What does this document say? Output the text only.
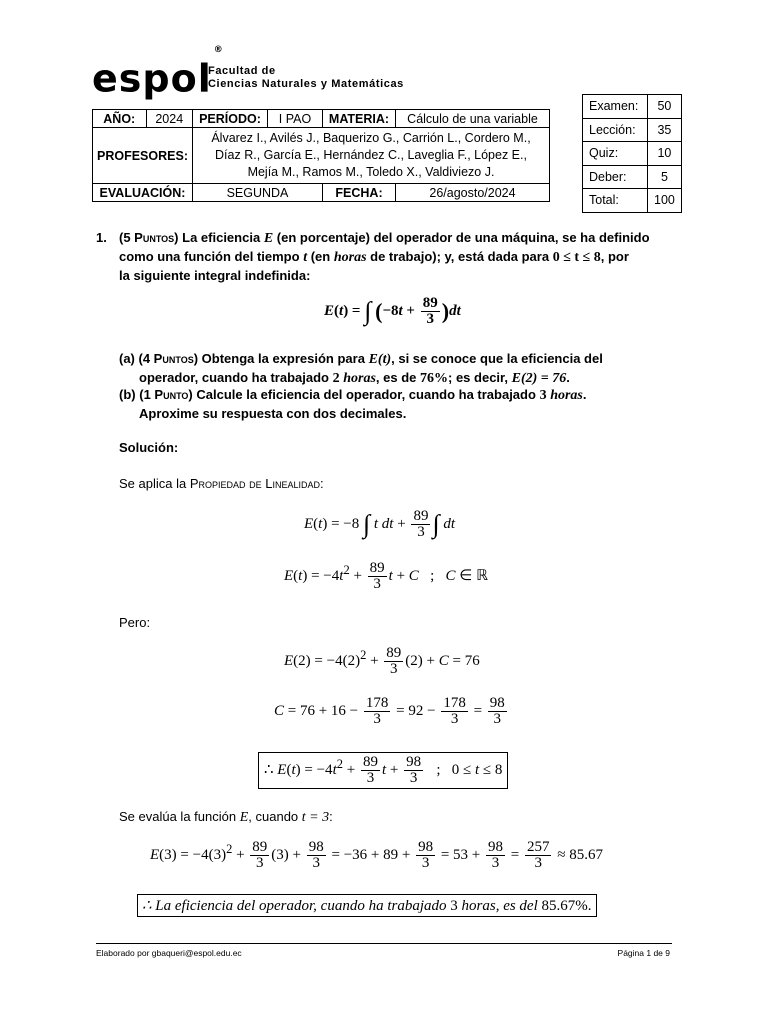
espol®
Facultad de
Ciencias Naturales y Matemáticas
AÑO:	2024	PERÍODO:	I PAO	MATERIA:	Cálculo de una variable
PROFESORES:		Álvarez I., Avilés J., Baquerizo G., Carrión L., Cordero M.,
Díaz R., García E., Hernández C., Laveglia F., López E.,
Mejía M., Ramos M., Toledo X., Valdiviezo J.			

EVALUACIÓN:		SEGUNDA		FECHA:	26/agosto/2024
Examen:	50
Lección:	35
Quiz:	10
Deber:	5
Total:	100
1. (5 Puntos) La eficiencia E (en porcentaje) del operador de una máquina, se ha definido
como una función del tiempo t (en horas de trabajo); y, está dada para 0 ≤ t ≤ 8, por
la siguiente integral indefinida:
E(t) = ∫ $(-8t + \frac{89}{3} )dt$
(a) (4 Puntos) Obtenga la expresión para E(t), si se conoce que la eficiencia del
operador, cuando ha trabajado 2 horas, es de 76%; es decir, E(2) = 76.
(b) (1 Punto) Calcule la eficiencia del operador, cuando ha trabajado 3 horas.
Aproxime su respuesta con dos decimales.
Solución:
Se aplica la Propiedad de Linealidad:
E(t) = −8 ∫ t dt + $\frac{89}{3}$ ∫ dt
$E(t) = -4t^2 + \frac{89}{3}$ t + C   ;   C ∈ ℝ
Pero:
$E(2) = -4(2)^2 + \frac{89}{3} (2) + C = 76$
$C = 76 + 16 - \frac{178}{3} = 92 - \frac{178}{3} = \frac{98}{3}$
∴ $E(t) = -4t^2 + \frac{89}{3}$ $t + \frac{98}{3}$ ;   0 ≤ t ≤ 8
Se evalúa la función E, cuando t = 3:
$E(3) = -4(3)^2 + \frac{89}{3} (3) + \frac{98}{3} = -36 + 89 + \frac{98}{3} = 53 + \frac{98}{3} = \frac{257}{3} \approx 85.67$
∴ La eficiencia del operador, cuando ha trabajado 3 horas, es del 85.67%.
Elaborado por gbaqueri@espol.edu.ec	Página 1 de 9
